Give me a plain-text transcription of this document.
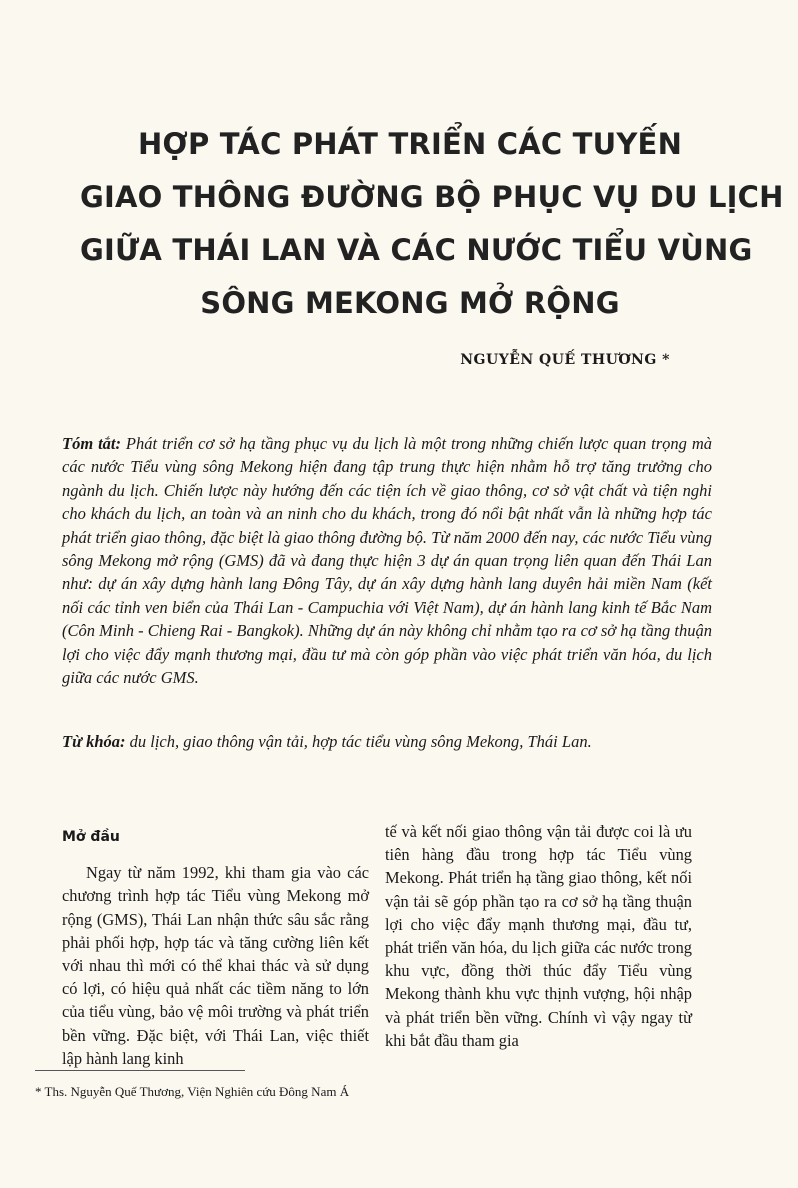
HỢP TÁC PHÁT TRIỂN CÁC TUYẾN
GIAO THÔNG ĐƯỜNG BỘ PHỤC VỤ DU LỊCH
GIỮA THÁI LAN VÀ CÁC NƯỚC TIỂU VÙNG
SÔNG MEKONG MỞ RỘNG

NGUYỄN QUẾ THƯƠNG *

Tóm tắt: Phát triển cơ sở hạ tầng phục vụ du lịch là một trong những chiến lược quan trọng mà các nước Tiểu vùng sông Mekong hiện đang tập trung thực hiện nhằm hỗ trợ tăng trưởng cho ngành du lịch. Chiến lược này hướng đến các tiện ích về giao thông, cơ sở vật chất và tiện nghi cho khách du lịch, an toàn và an ninh cho du khách, trong đó nổi bật nhất vẫn là những hợp tác phát triển giao thông, đặc biệt là giao thông đường bộ. Từ năm 2000 đến nay, các nước Tiểu vùng sông Mekong mở rộng (GMS) đã và đang thực hiện 3 dự án quan trọng liên quan đến Thái Lan như: dự án xây dựng hành lang Đông Tây, dự án xây dựng hành lang duyên hải miền Nam (kết nối các tỉnh ven biển của Thái Lan - Campuchia với Việt Nam), dự án hành lang kinh tế Bắc Nam (Côn Minh - Chieng Rai - Bangkok). Những dự án này không chỉ nhằm tạo ra cơ sở hạ tầng thuận lợi cho việc đẩy mạnh thương mại, đầu tư mà còn góp phần vào việc phát triển văn hóa, du lịch giữa các nước GMS.

Từ khóa: du lịch, giao thông vận tải, hợp tác tiểu vùng sông Mekong, Thái Lan.

Mở đầu

Ngay từ năm 1992, khi tham gia vào các chương trình hợp tác Tiểu vùng Mekong mở rộng (GMS), Thái Lan nhận thức sâu sắc rằng phải phối hợp, hợp tác và tăng cường liên kết với nhau thì mới có thể khai thác và sử dụng có lợi, có hiệu quả nhất các tiềm năng to lớn của tiểu vùng, bảo vệ môi trường và phát triển bền vững. Đặc biệt, với Thái Lan, việc thiết lập hành lang kinh

tế và kết nối giao thông vận tải được coi là ưu tiên hàng đầu trong hợp tác Tiểu vùng Mekong. Phát triển hạ tầng giao thông, kết nối vận tải sẽ góp phần tạo ra cơ sở hạ tầng thuận lợi cho việc đẩy mạnh thương mại, đầu tư, phát triển văn hóa, du lịch giữa các nước trong khu vực, đồng thời thúc đẩy Tiểu vùng Mekong thành khu vực thịnh vượng, hội nhập và phát triển bền vững. Chính vì vậy ngay từ khi bắt đầu tham gia

* Ths. Nguyễn Quế Thương, Viện Nghiên cứu Đông Nam Á
